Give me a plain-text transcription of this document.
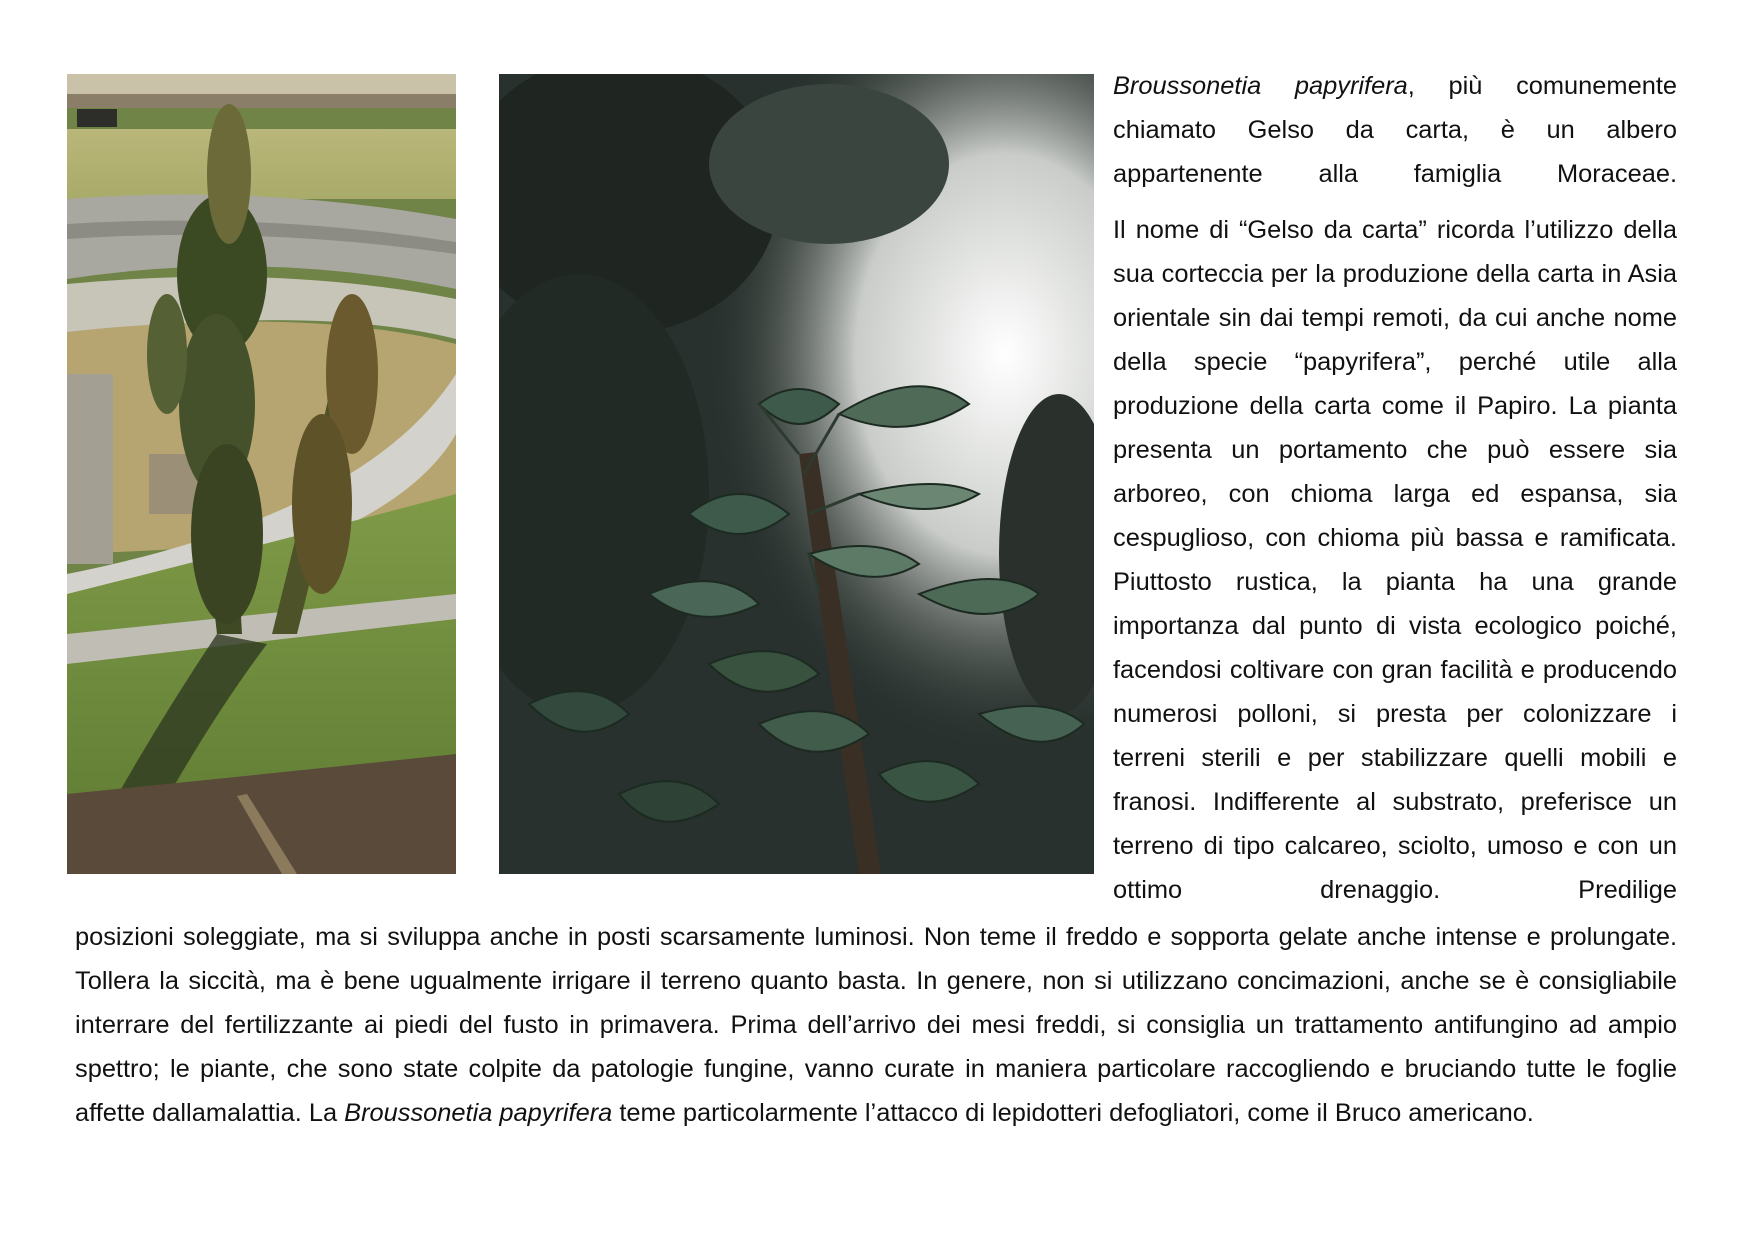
Broussonetia papyrifera, più comunemente chiamato Gelso da carta, è un albero appartenente alla famiglia Moraceae.

Il nome di “Gelso da carta” ricorda l’utilizzo della sua corteccia per la produzione della carta in Asia orientale sin dai tempi remoti, da cui anche nome della specie “papyrifera”, perché utile alla produzione della carta come il Papiro. La pianta presenta un portamento che può essere sia arboreo, con chioma larga ed espansa, sia cespuglioso, con chioma più bassa e ramificata. Piuttosto rustica, la pianta ha una grande importanza dal punto di vista ecologico poiché, facendosi coltivare con gran facilità e producendo numerosi polloni, si presta per colonizzare i terreni sterili e per stabilizzare quelli mobili e franosi. Indifferente al substrato, preferisce un terreno di tipo calcareo, sciolto, umoso e con un ottimo drenaggio. Predilige

posizioni soleggiate, ma si sviluppa anche in posti scarsamente luminosi. Non teme il freddo e sopporta gelate anche intense e prolungate. Tollera la siccità, ma è bene ugualmente irrigare il terreno quanto basta. In genere, non si utilizzano concimazioni, anche se è consigliabile interrare del fertilizzante ai piedi del fusto in primavera. Prima dell’arrivo dei mesi freddi, si consiglia un trattamento antifungino ad ampio spettro; le piante, che sono state colpite da patologie fungine, vanno curate in maniera particolare raccogliendo e bruciando tutte le foglie affette dallamalattia. La Broussonetia papyrifera teme particolarmente l’attacco di lepidotteri defogliatori, come il Bruco americano.
